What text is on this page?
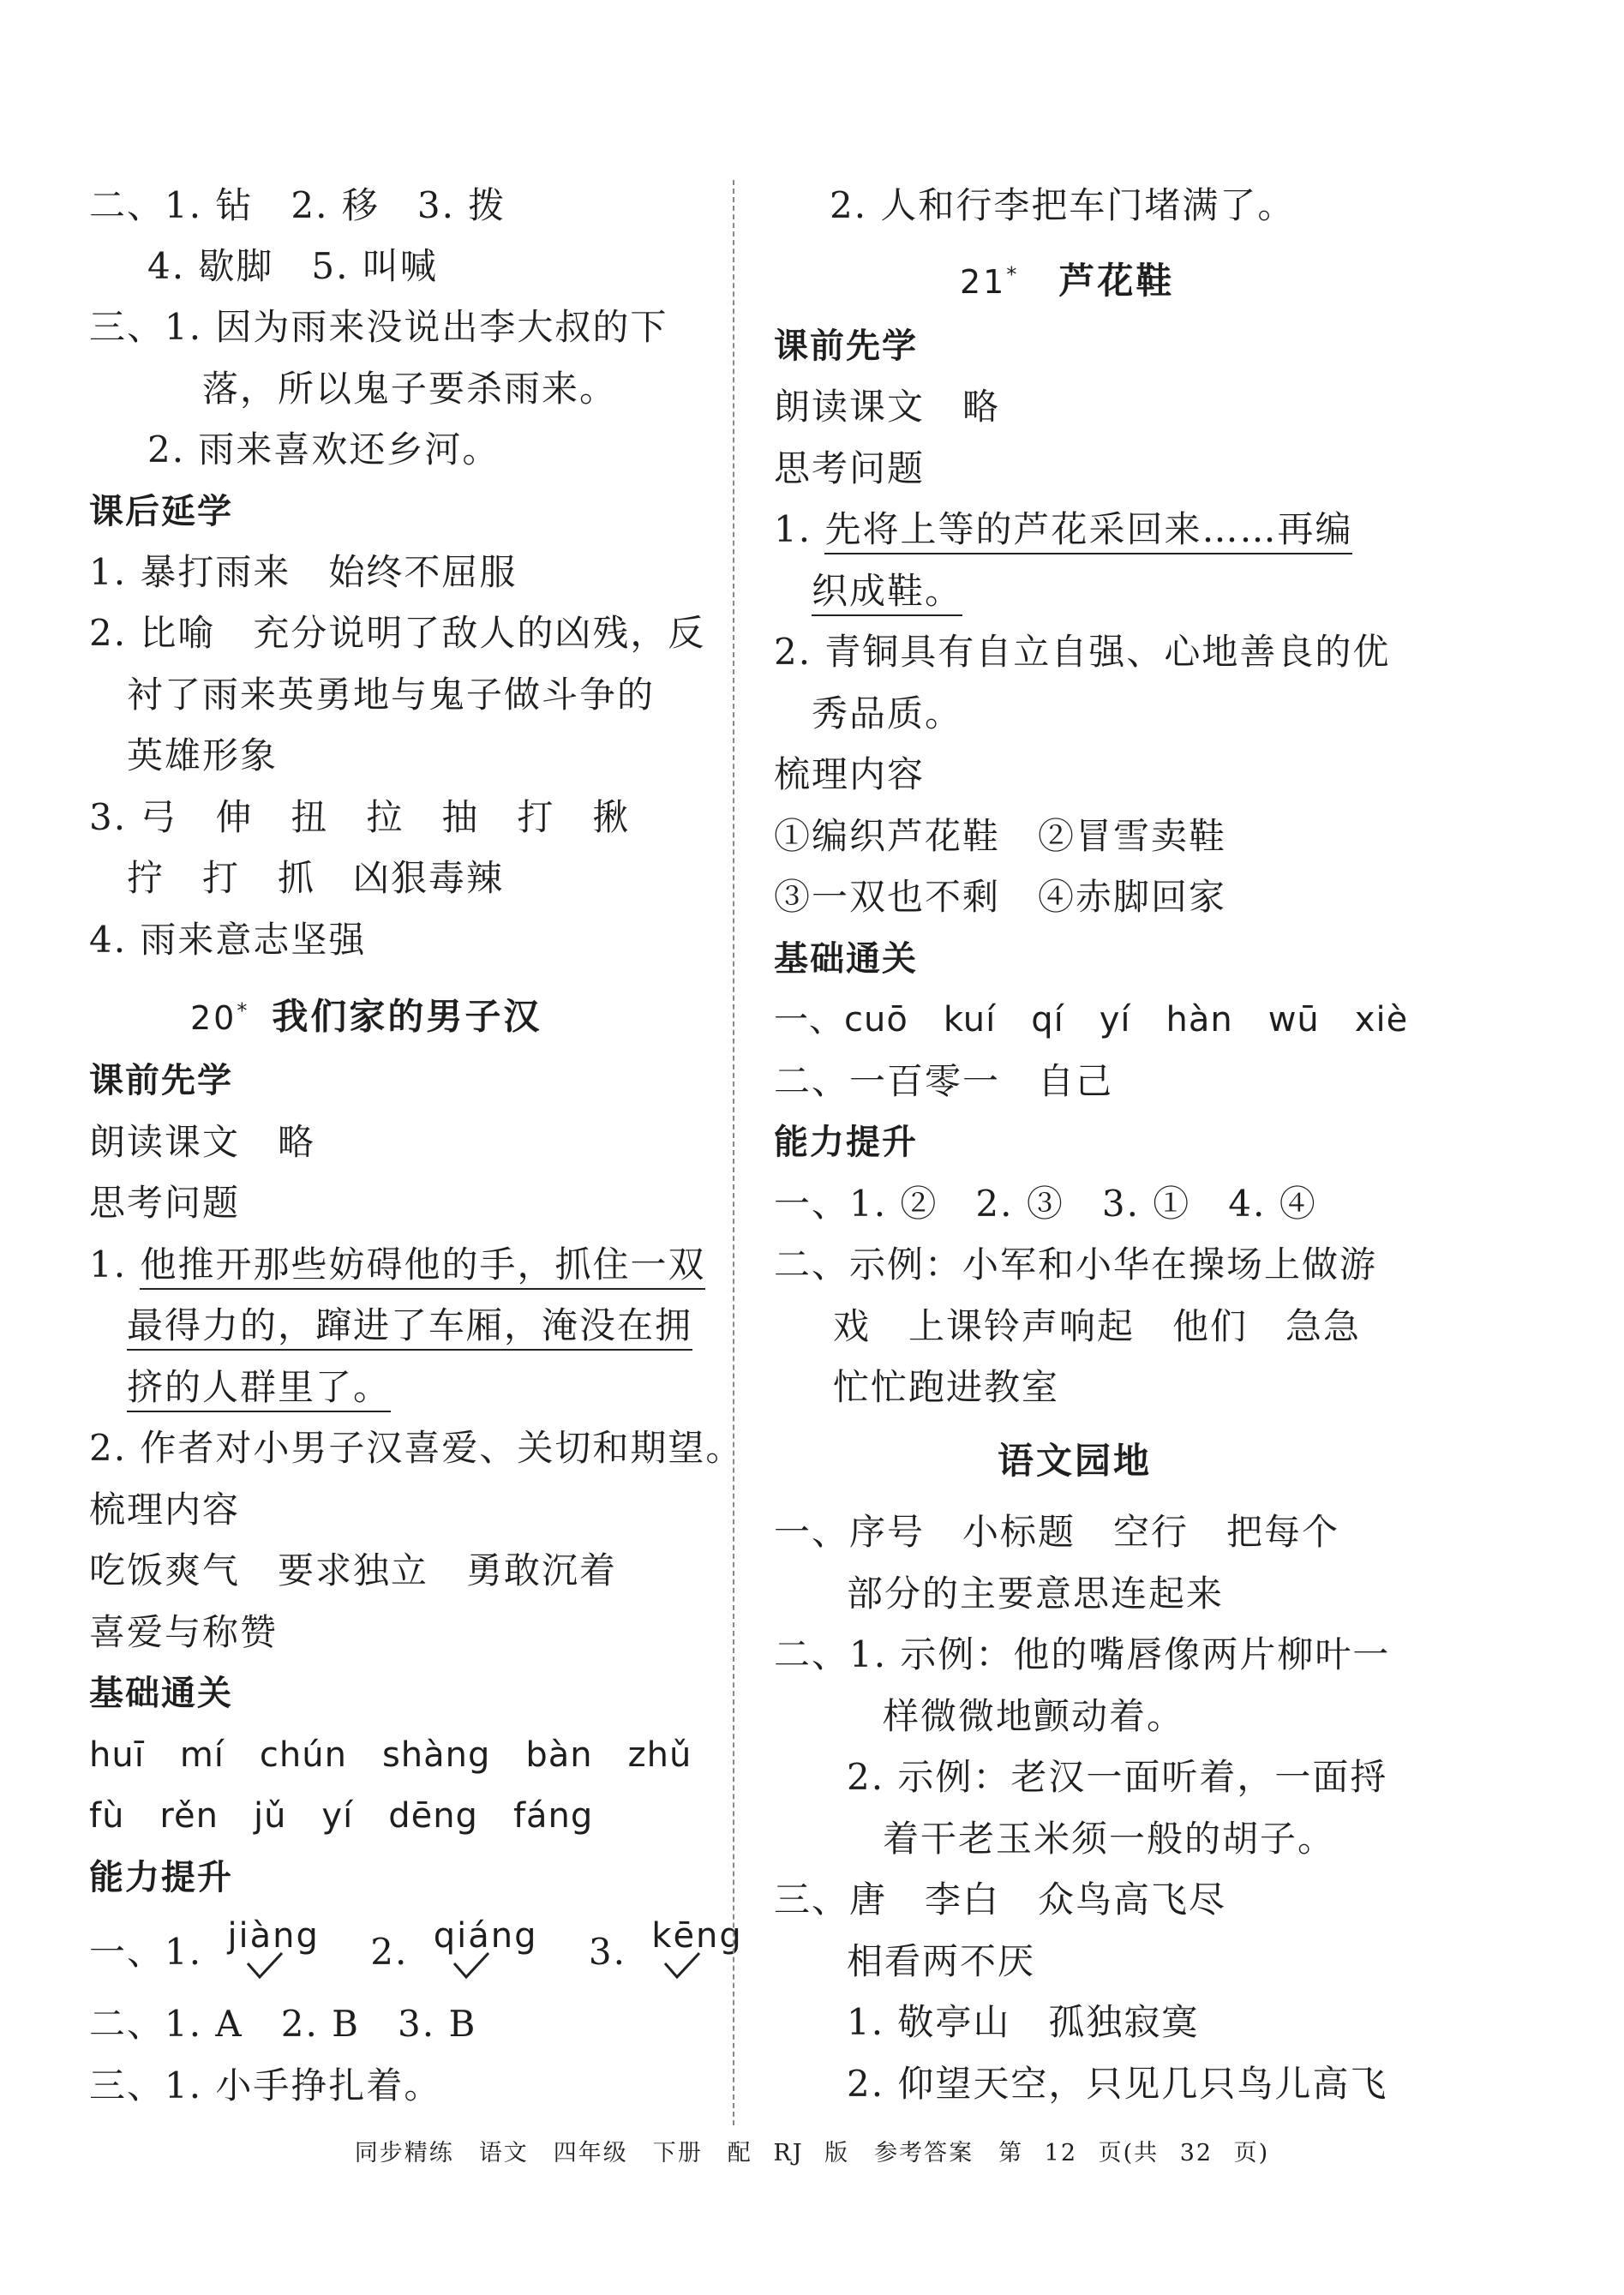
二、1. 钻　2. 移　3. 拨
4. 歇脚　5. 叫喊
三、1. 因为雨来没说出李大叔的下
落，所以鬼子要杀雨来。
2. 雨来喜欢还乡河。
课后延学
1. 暴打雨来　始终不屈服
2. 比喻　充分说明了敌人的凶残，反
衬了雨来英勇地与鬼子做斗争的
英雄形象
3. 弓　伸　扭　拉　抽　打　揪
拧　打　抓　凶狠毒辣
4. 雨来意志坚强
20* 我们家的男子汉
课前先学
朗读课文　略
思考问题
1. 他推开那些妨碍他的手，抓住一双
最得力的，蹿进了车厢，淹没在拥
挤的人群里了。
2. 作者对小男子汉喜爱、关切和期望。
梳理内容
吃饭爽气　要求独立　勇敢沉着
喜爱与称赞
基础通关
huī　mí　chún　shàng　bàn　zhǔ
fù　rěn　jǔ　yí　dēng　fáng
能力提升
一、1. jiàng 2. qiáng 3. kēng
二、1. A　2. B　3. B
三、1. 小手挣扎着。
2. 人和行李把车门堵满了。
21* 芦花鞋
课前先学
朗读课文　略
思考问题
1. 先将上等的芦花采回来……再编
织成鞋。
2. 青铜具有自立自强、心地善良的优
秀品质。
梳理内容
①编织芦花鞋　②冒雪卖鞋
③一双也不剩　④赤脚回家
基础通关
一、cuō　kuí　qí　yí　hàn　wū　xiè
二、一百零一　自己
能力提升
一、1. ②　2. ③　3. ①　4. ④
二、示例：小军和小华在操场上做游
戏　上课铃声响起　他们　急急
忙忙跑进教室
语文园地
一、序号　小标题　空行　把每个
部分的主要意思连起来
二、1. 示例：他的嘴唇像两片柳叶一
样微微地颤动着。
2. 示例：老汉一面听着，一面捋
着干老玉米须一般的胡子。
三、唐　李白　众鸟高飞尽
相看两不厌
1. 敬亭山　孤独寂寞
2. 仰望天空，只见几只鸟儿高飞
同步精练　语文　四年级　下册　配 RJ 版　参考答案　第 12 页(共 32 页)
